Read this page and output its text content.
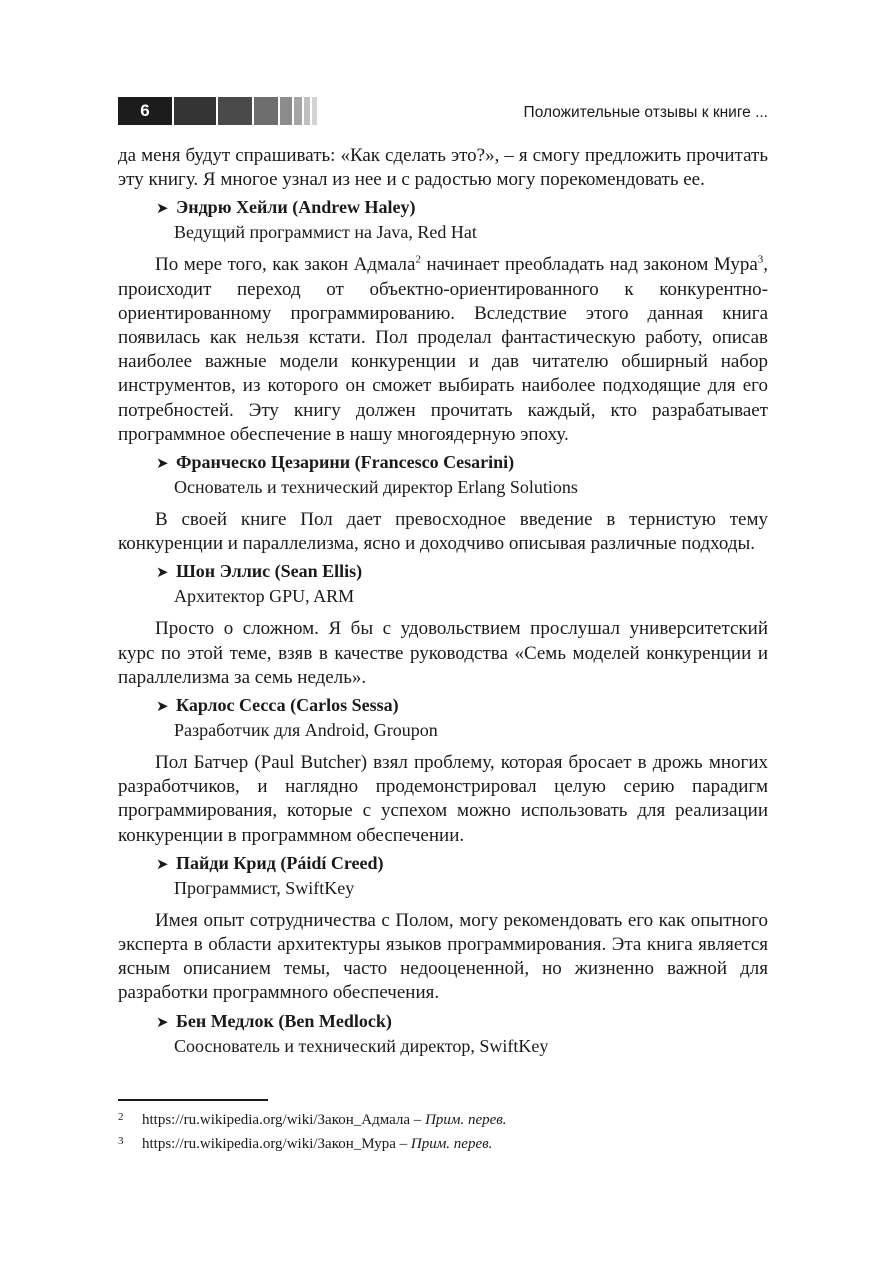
6	Положительные отзывы к книге ...

да меня будут спрашивать: «Как сделать это?», – я смогу предложить прочитать эту книгу. Я многое узнал из нее и с радостью могу порекомендовать ее.

➤ Эндрю Хейли (Andrew Haley)
Ведущий программист на Java, Red Hat

По мере того, как закон Адмала$^2$ начинает преобладать над законом Мура$^3$, происходит переход от объектно-ориентированного к конкурентно-ориентированному программированию. Вследствие этого данная книга появилась как нельзя кстати. Пол проделал фантастическую работу, описав наиболее важные модели конкуренции и дав читателю обширный набор инструментов, из которого он сможет выбирать наиболее подходящие для его потребностей. Эту книгу должен прочитать каждый, кто разрабатывает программное обеспечение в нашу многоядерную эпоху.

➤ Франческо Цезарини (Francesco Cesarini)
Основатель и технический директор Erlang Solutions

В своей книге Пол дает превосходное введение в тернистую тему конкуренции и параллелизма, ясно и доходчиво описывая различные подходы.

➤ Шон Эллис (Sean Ellis)
Архитектор GPU, ARM

Просто о сложном. Я бы с удовольствием прослушал университетский курс по этой теме, взяв в качестве руководства «Семь моделей конкуренции и параллелизма за семь недель».

➤ Карлос Сесса (Carlos Sessa)
Разработчик для Android, Groupon

Пол Батчер (Paul Butcher) взял проблему, которая бросает в дрожь многих разработчиков, и наглядно продемонстрировал целую серию парадигм программирования, которые с успехом можно использовать для реализации конкуренции в программном обеспечении.

➤ Пайди Крид (Páidí Creed)
Программист, SwiftKey

Имея опыт сотрудничества с Полом, могу рекомендовать его как опытного эксперта в области архитектуры языков программирования. Эта книга является ясным описанием темы, часто недооцененной, но жизненно важной для разработки программного обеспечения.

➤ Бен Медлок (Ben Medlock)
Сооснователь и технический директор, SwiftKey
2 https://ru.wikipedia.org/wiki/Закон_Адмала – Прим. перев.
3 https://ru.wikipedia.org/wiki/Закон_Мура – Прим. перев.
